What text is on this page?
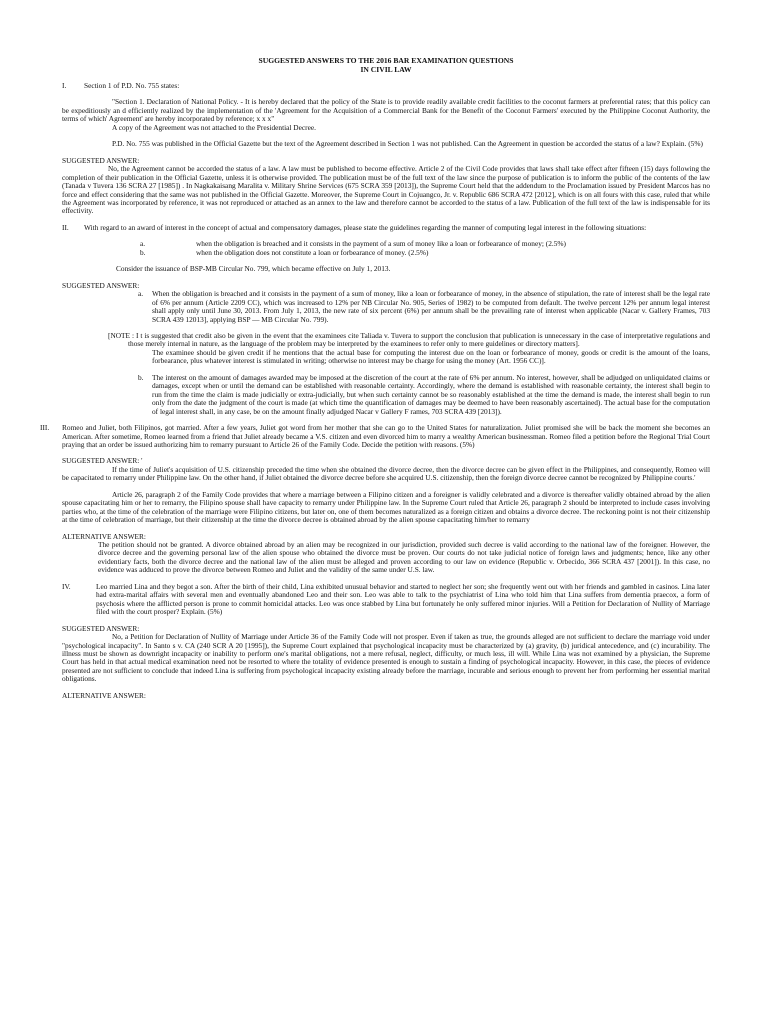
SUGGESTED ANSWERS TO THE 2016 BAR EXAMINATION QUESTIONS

IN CIVIL LAW

I. Section 1 of P.D. No. 755 states:

"Section 1. Declaration of National Policy. - It is hereby declared that the policy of the State is to provide readily available credit facilities to the coconut farmers at preferential rates; that this policy can be expeditiously an d efficiently realized by the implementation of the 'Agreement for the Acquisition of a Commercial Bank for the Benefit of the Coconut Farmers' executed by the Philippine Coconut Authority, the terms of which' Agreement' are hereby incorporated by reference; x x x"

A copy of the Agreement was not attached to the Presidential Decree.

P.D. No. 755 was published in the Official Gazette but the text of the Agreement described in Section 1 was not published. Can the Agreement in question be accorded the status of a law? Explain. (5%)

SUGGESTED ANSWER:

No, the Agreement cannot be accorded the status of a law. A law must be published to become effective. Article 2 of the Civil Code provides that laws shall take effect after fifteen (15) days following the completion of their publication in the Official Gazette, unless it is otherwise provided. The publication must be of the full text of the law since the purpose of publication is to inform the public of the contents of the law (Tanada v Tuvera 136 SCRA 27 [1985]) . In Nagkakaisang Maralita v. Military Shrine Services (675 SCRA 359 [2013]), the Supreme Court held that the addendum to the Proclamation issued by President Marcos has no force and effect considering that the same was not published in the Official Gazette. Moreover, the Supreme Court in Cojuangco, Jr. v. Republic 686 SCRA 472 [2012], which is on all fours with this case, ruled that while the Agreement was incorporated by reference, it was not reproduced or attached as an annex to the law and therefore cannot be accorded to the status of a law. Publication of the full text of the law is indispensable for its effectivity.

II. With regard to an award of interest in the concept of actual and compensatory damages, please state the guidelines regarding the manner of computing legal interest in the following situations:

a.	when the obligation is breached and it consists in the payment of a sum of money like a loan or forbearance of money; (2.5%)

b.	when the obligation does not constitute a loan or forbearance of money. (2.5%)

Consider the issuance of BSP-MB Circular No. 799, which became effective on July 1, 2013.

SUGGESTED ANSWER:

a. When the obligation is breached and it consists in the payment of a sum of money, like a loan or forbearance of money, in the absence of stipulation, the rate of interest shall be the legal rate of 6% per annum (Article 2209 CC), which was increased to 12% per NB Circular No. 905, Series of 1982) to be computed from default. The twelve percent 12% per annum legal interest shall apply only until June 30, 2013. From July 1, 2013, the new rate of six percent (6%) per annum shall be the prevailing rate of interest when applicable (Nacar v. Gallery Frames, 703 SCRA 439 12013], applying BSP — MB Circular No. 799).

[NOTE : I t is suggested that credit also be given in the event that the examinees cite Taliada v. Tuvera to support the conclusion that publication is unnecessary in the case of interpretative regulations and those merely internal in nature, as the language of the problem may be interpreted by the examinees to refer only to mere guidelines or directory matters].

The examinee should be given credit if he mentions that the actual base for computing the interest due on the loan or forbearance of money, goods or credit is the amount of the loans, forbearance, plus whatever interest is stimulated in writing; otherwise no interest may be charge for using the money (Art. 1956 CC)].

b. The interest on the amount of damages awarded may be imposed at the discretion of the court at the rate of 6% per annum. No interest, however, shall be adjudged on unliquidated claims or damages, except when or until the demand can be established with reasonable certainty. Accordingly, where the demand is established with reasonable certainty, the interest shall begin to run from the time the claim is made judicially or extra-judicially, but when such certainty cannot be so reasonably established at the time the demand is made, the interest shall begin to run only from the date the judgment of the court is made (at which time the quantification of damages may be deemed to have been reasonably ascertained). The actual base for the computation of legal interest shall, in any case, be on the amount finally adjudged Nacar v Gallery F rames, 703 SCRA 439 [2013]).

III. Romeo and Juliet, both Filipinos, got married. After a few years, Juliet got word from her mother that she can go to the United States for naturalization. Juliet promised she will be back the moment she becomes an American. After sometime, Romeo learned from a friend that Juliet already became a V.S. citizen and even divorced him to marry a wealthy American businessman. Romeo filed a petition before the Regional Trial Court praying that an order be issued authorizing him to remarry pursuant to Article 26 of the Family Code. Decide the petition with reasons. (5%)

SUGGESTED ANSWER: '

If the time of Juliet's acquisition of U.S. citizenship preceded the time when she obtained the divorce decree, then the divorce decree can be given effect in the Philippines, and consequently, Romeo will be capacitated to remarry under Philippine law. On the other hand, if Juliet obtained the divorce decree before she acquired U.S. citizenship, then the foreign divorce decree cannot be recognized by Philippine courts.'

Article 26, paragraph 2 of the Family Code provides that where a marriage between a Filipino citizen and a foreigner is validly celebrated and a divorce is thereafter validly obtained abroad by the alien spouse capacitating him or her to remarry, the Filipino spouse shall have capacity to remarry under Philippine law. In the Supreme Court ruled that Article 26, paragraph 2 should be interpreted to include cases involving parties who, at the time of the celebration of the marriage were Filipino citizens, but later on, one of them becomes naturalized as a foreign citizen and obtains a divorce decree. The reckoning point is not their citizenship at the time of celebration of marriage, but their citizenship at the time the divorce decree is obtained abroad by the alien spouse capacitating him/her to remarry

ALTERNATIVE ANSWER:

The petition should not be granted. A divorce obtained abroad by an alien may be recognized in our jurisdiction, provided such decree is valid according to the national law of the foreigner. However, the divorce decree and the governing personal law of the alien spouse who obtained the divorce must be proven. Our courts do not take judicial notice of foreign laws and judgments; hence, like any other evidentiary facts, both the divorce decree and the national law of the alien must be alleged and proven according to our law on evidence (Republic v. Orbecido, 366 SCRA 437 [2001]). In this case, no evidence was adduced to prove the divorce between Romeo and Juliet and the validity of the same under U.S. law.

IV.	Leo married Lina and they begot a son. After the birth of their child, Lina exhibited unusual behavior and started to neglect her son; she frequently went out with her friends and gambled in casinos. Lina later had extra-marital affairs with several men and eventually abandoned Leo and their son. Leo was able to talk to the psychiatrist of Lina who told him that Lina suffers from dementia praecox, a form of psychosis where the afflicted person is prone to commit homicidal attacks. Leo was once stabbed by Lina but fortunately he only suffered minor injuries. Will a Petition for Declaration of Nullity of Marriage filed with the court prosper? Explain. (5%)

SUGGESTED ANSWER:

No, a Petition for Declaration of Nullity of Marriage under Article 36 of the Family Code will not prosper. Even if taken as true, the grounds alleged are not sufficient to declare the marriage void under "psychological incapacity". In Santo s v. CA (240 SCR A 20 [1995]), the Supreme Court explained that psychological incapacity must be characterized by (a) gravity, (b) juridical antecedence, and (c) incurability. The illness must be shown as downright incapacity or inability to perform one's marital obligations, not a mere refusal, neglect, difficulty, or much less, ill will. While Lina was not examined by a physician, the Supreme Court has held in that actual medical examination need not be resorted to where the totality of evidence presented is enough to sustain a finding of psychological incapacity. However, in this case, the pieces of evidence presented are not sufficient to conclude that indeed Lina is suffering from psychological incapacity existing already before the marriage, incurable and serious enough to prevent her from performing her essential marital obligations.

ALTERNATIVE ANSWER:
